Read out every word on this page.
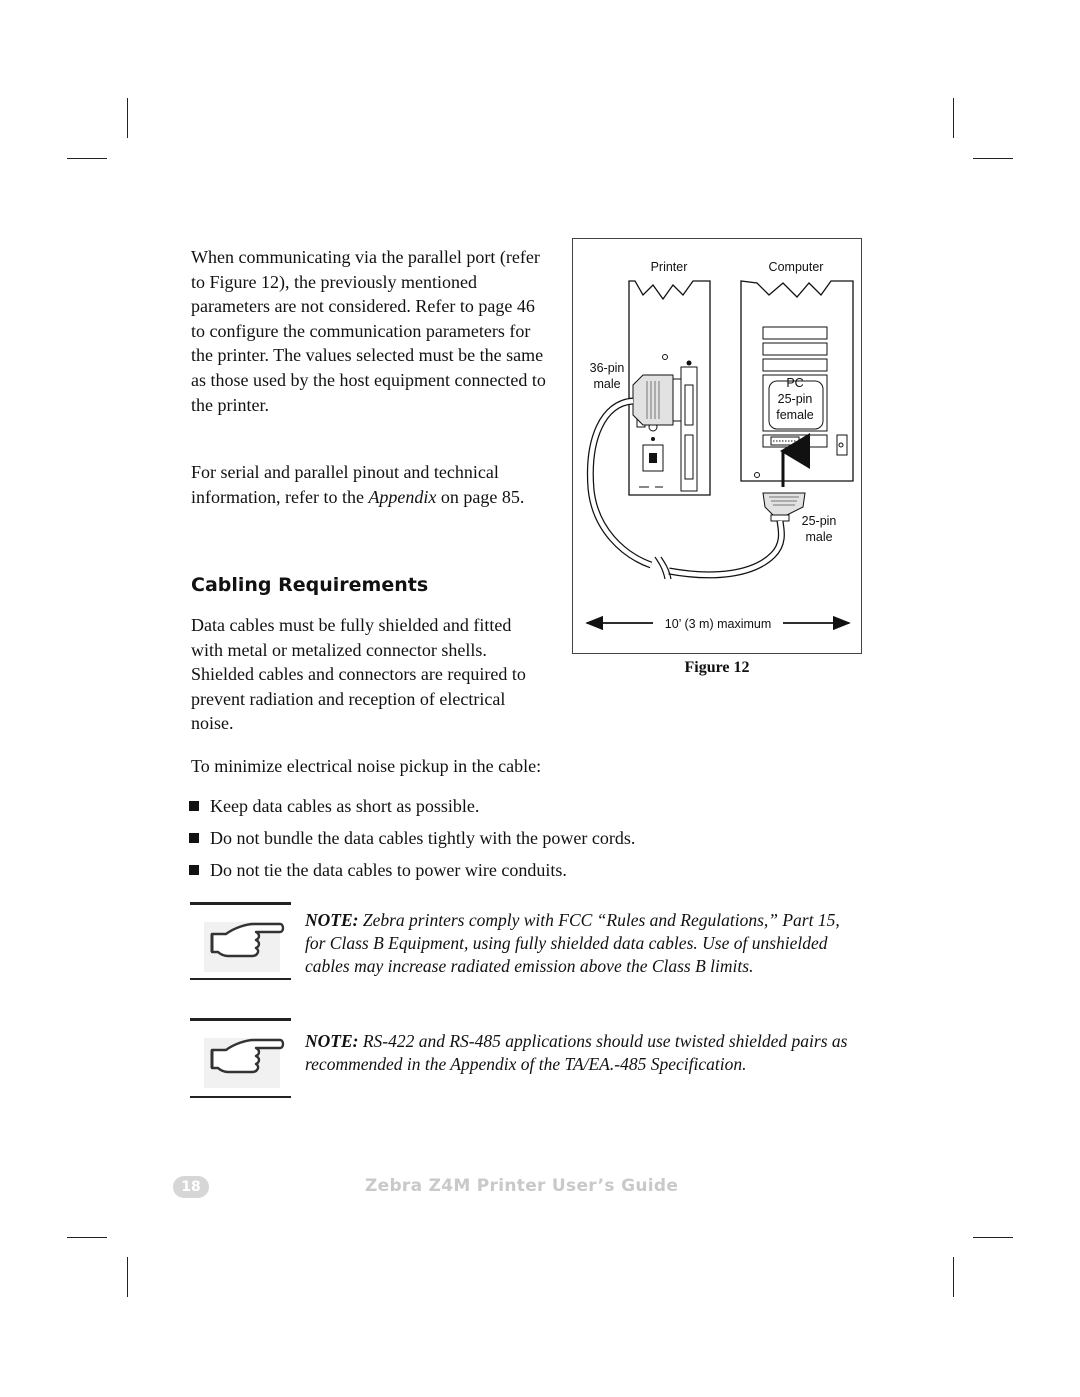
When communicating via the parallel port (refer to Figure 12), the previously mentioned parameters are not considered. Refer to page 46 to configure the communication parameters for the printer. The values selected must be the same as those used by the host equipment connected to the printer.

For serial and parallel pinout and technical information, refer to the Appendix on page 85.

Cabling Requirements

Data cables must be fully shielded and fitted with metal or metalized connector shells. Shielded cables and connectors are required to prevent radiation and reception of electrical noise.

To minimize electrical noise pickup in the cable:

Keep data cables as short as possible.
Do not bundle the data cables tightly with the power cords.
Do not tie the data cables to power wire conduits.
Printer	Computer
36-pin
male	PC
25-pin
female
25-pin
male
10’ (3 m) maximum
Figure 12

NOTE: Zebra printers comply with FCC “Rules and Regulations,” Part 15, for Class B Equipment, using fully shielded data cables. Use of unshielded cables may increase radiated emission above the Class B limits.

NOTE: RS-422 and RS-485 applications should use twisted shielded pairs as recommended in the Appendix of the TA/EA.-485 Specification.

18	Zebra Z4M Printer User’s Guide
